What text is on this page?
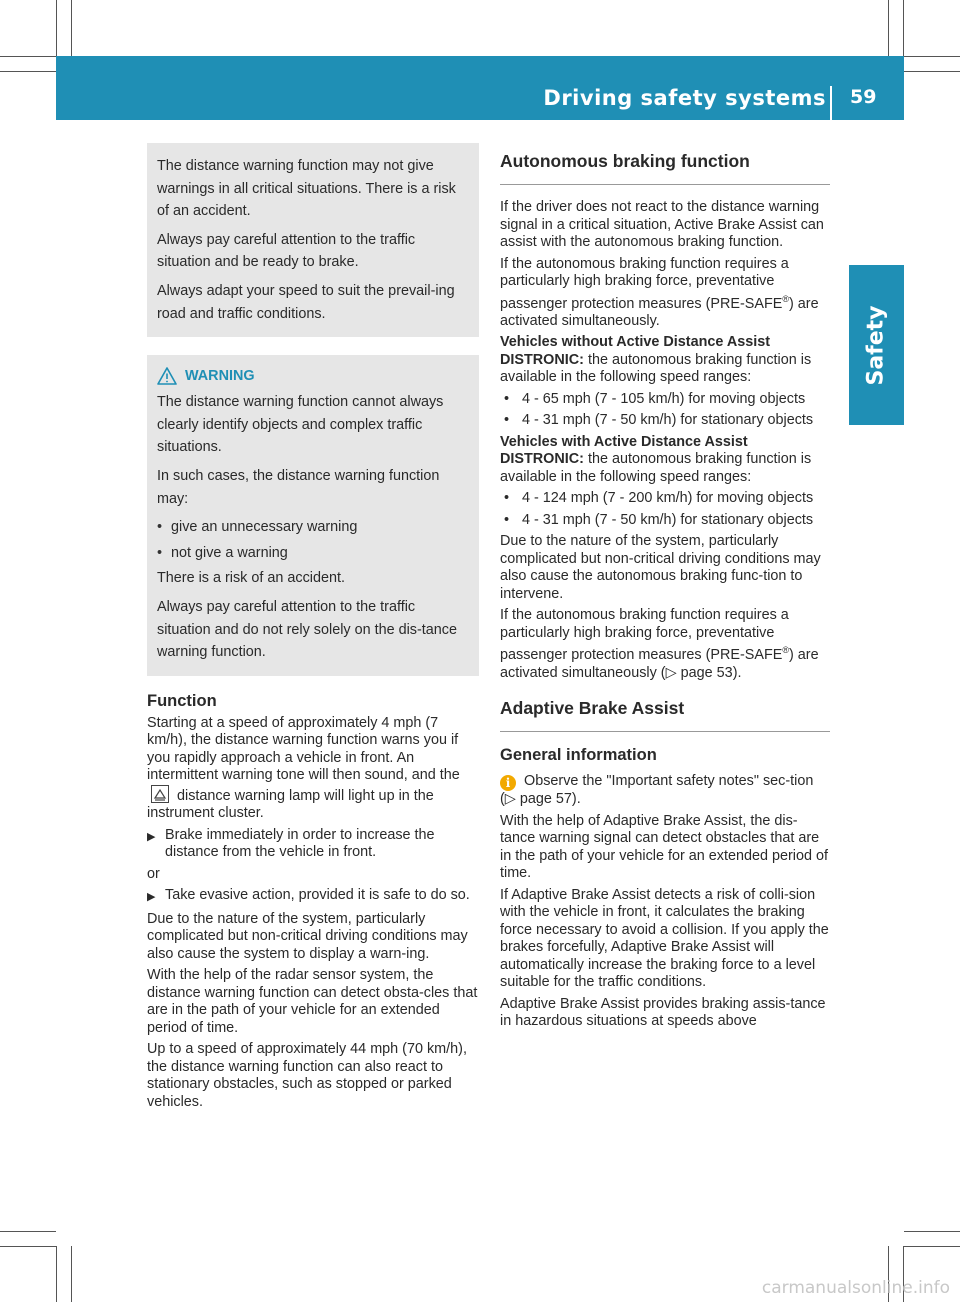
Driving safety systems 59
Safety

The distance warning function may not give warnings in all critical situations. There is a risk of an accident.

Always pay careful attention to the traffic situation and be ready to brake.

Always adapt your speed to suit the prevail-ing road and traffic conditions.

WARNING

The distance warning function cannot always clearly identify objects and complex traffic situations.

In such cases, the distance warning function may:

• give an unnecessary warning
• not give a warning

There is a risk of an accident.

Always pay careful attention to the traffic situation and do not rely solely on the dis-tance warning function.

Function
Starting at a speed of approximately 4 mph (7 km/h), the distance warning function warns you if you rapidly approach a vehicle in front. An intermittent warning tone will then sound, and the
distance warning lamp will light up in the instrument cluster.
▶ Brake immediately in order to increase the distance from the vehicle in front.
or
▶ Take evasive action, provided it is safe to do so.
Due to the nature of the system, particularly complicated but non-critical driving conditions may also cause the system to display a warn-ing.
With the help of the radar sensor system, the distance warning function can detect obsta-cles that are in the path of your vehicle for an extended period of time.
Up to a speed of approximately 44 mph (70 km/h), the distance warning function can also react to stationary obstacles, such as stopped or parked vehicles.
Autonomous braking function
If the driver does not react to the distance warning signal in a critical situation, Active Brake Assist can assist with the autonomous braking function.
If the autonomous braking function requires a particularly high braking force, preventative passenger protection measures (PRE-SAFE®) are activated simultaneously.
Vehicles without Active Distance Assist DISTRONIC: the autonomous braking function is available in the following speed ranges:
• 4 - 65 mph (7 - 105 km/h) for moving objects
• 4 - 31 mph (7 - 50 km/h) for stationary objects
Vehicles with Active Distance Assist DISTRONIC: the autonomous braking function is available in the following speed ranges:
• 4 - 124 mph (7 - 200 km/h) for moving objects
• 4 - 31 mph (7 - 50 km/h) for stationary objects
Due to the nature of the system, particularly complicated but non-critical driving conditions may also cause the autonomous braking func-tion to intervene.
If the autonomous braking function requires a particularly high braking force, preventative passenger protection measures (PRE-SAFE®) are activated simultaneously (▷ page 53).
Adaptive Brake Assist
General information
i Observe the "Important safety notes" sec-tion (▷ page 57).
With the help of Adaptive Brake Assist, the dis-tance warning signal can detect obstacles that are in the path of your vehicle for an extended period of time.
If Adaptive Brake Assist detects a risk of colli-sion with the vehicle in front, it calculates the braking force necessary to avoid a collision. If you apply the brakes forcefully, Adaptive Brake Assist will automatically increase the braking force to a level suitable for the traffic conditions.
Adaptive Brake Assist provides braking assis-tance in hazardous situations at speeds above
carmanualsonline.info
